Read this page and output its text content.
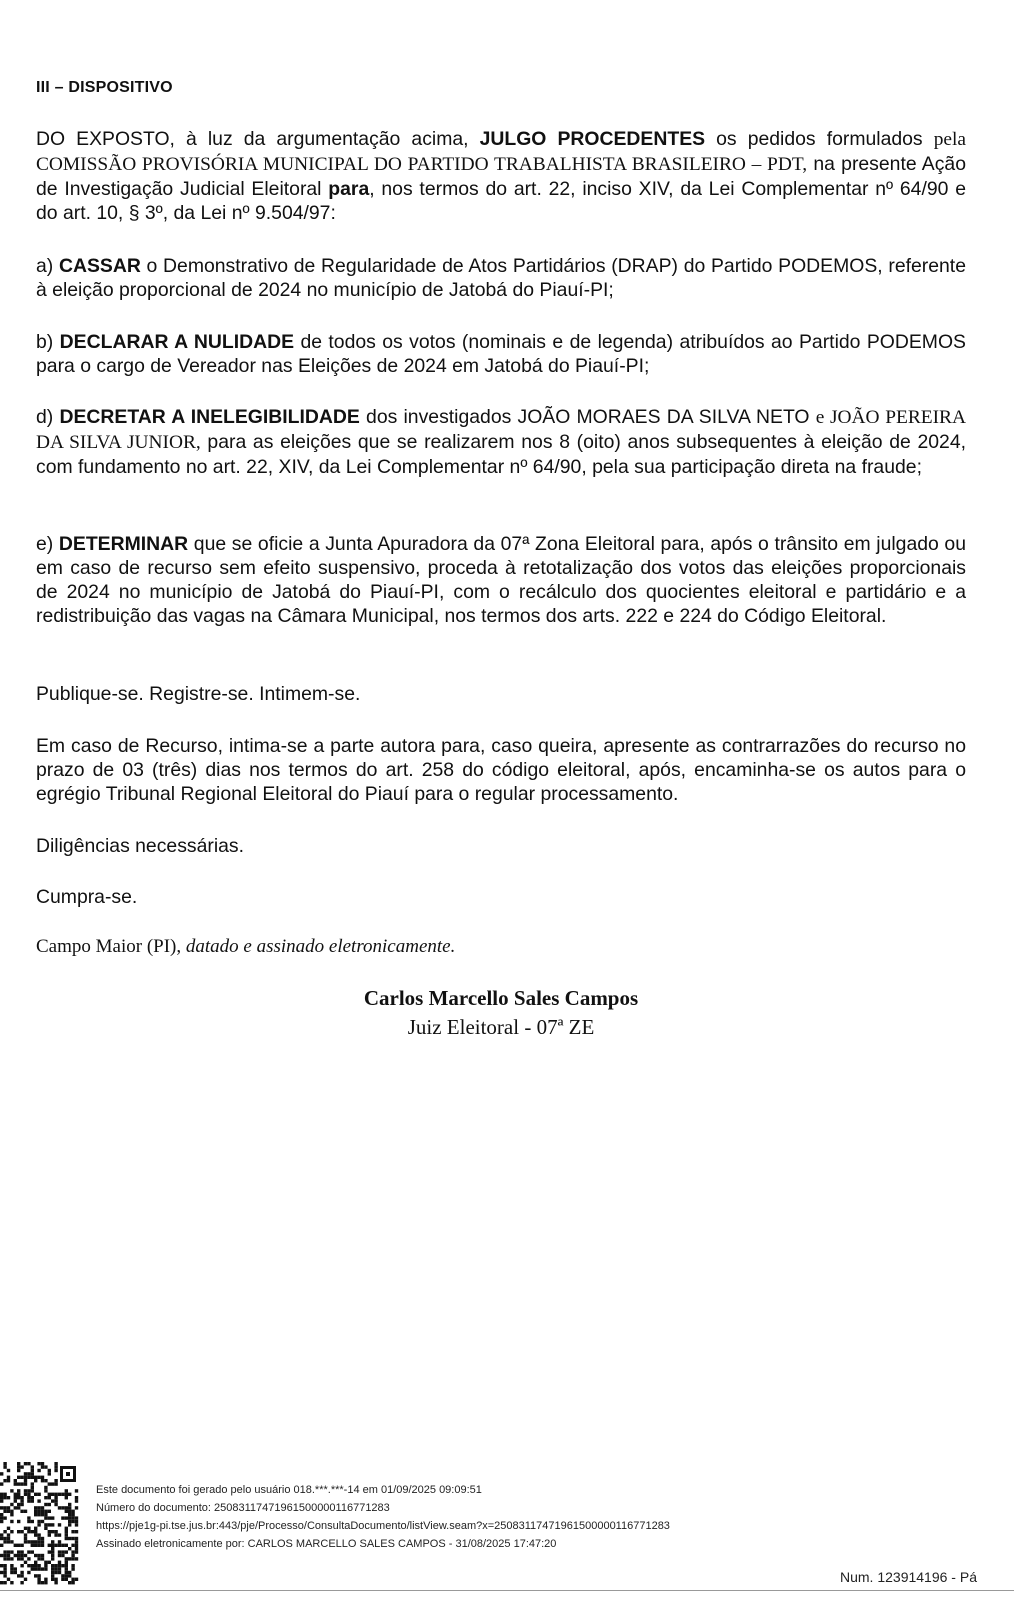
III – DISPOSITIVO
DO EXPOSTO, à luz da argumentação acima, JULGO PROCEDENTES os pedidos formulados pela COMISSÃO PROVISÓRIA MUNICIPAL DO PARTIDO TRABALHISTA BRASILEIRO – PDT, na presente Ação de Investigação Judicial Eleitoral para, nos termos do art. 22, inciso XIV, da Lei Complementar nº 64/90 e do art. 10, § 3º, da Lei nº 9.504/97:
a) CASSAR o Demonstrativo de Regularidade de Atos Partidários (DRAP) do Partido PODEMOS, referente à eleição proporcional de 2024 no município de Jatobá do Piauí-PI;
b) DECLARAR A NULIDADE de todos os votos (nominais e de legenda) atribuídos ao Partido PODEMOS para o cargo de Vereador nas Eleições de 2024 em Jatobá do Piauí-PI;
d) DECRETAR A INELEGIBILIDADE dos investigados JOÃO MORAES DA SILVA NETO e JOÃO PEREIRA DA SILVA JUNIOR, para as eleições que se realizarem nos 8 (oito) anos subsequentes à eleição de 2024, com fundamento no art. 22, XIV, da Lei Complementar nº 64/90, pela sua participação direta na fraude;
e) DETERMINAR que se oficie a Junta Apuradora da 07ª Zona Eleitoral para, após o trânsito em julgado ou em caso de recurso sem efeito suspensivo, proceda à retotalização dos votos das eleições proporcionais de 2024 no município de Jatobá do Piauí-PI, com o recálculo dos quocientes eleitoral e partidário e a redistribuição das vagas na Câmara Municipal, nos termos dos arts. 222 e 224 do Código Eleitoral.
Publique-se. Registre-se. Intimem-se.
Em caso de Recurso, intima-se a parte autora para, caso queira, apresente as contrarrazões do recurso no prazo de 03 (três) dias nos termos do art. 258 do código eleitoral, após, encaminha-se os autos para o egrégio Tribunal Regional Eleitoral do Piauí para o regular processamento.
Diligências necessárias.
Cumpra-se.
Campo Maior (PI), datado e assinado eletronicamente.
Carlos Marcello Sales Campos
Juiz Eleitoral - 07ª ZE
Este documento foi gerado pelo usuário 018.***.***-14 em 01/09/2025 09:09:51
Número do documento: 25083117471961500000116771283
https://pje1g-pi.tse.jus.br:443/pje/Processo/ConsultaDocumento/listView.seam?x=25083117471961500000116771283
Assinado eletronicamente por: CARLOS MARCELLO SALES CAMPOS - 31/08/2025 17:47:20
Num. 123914196 - Pá
